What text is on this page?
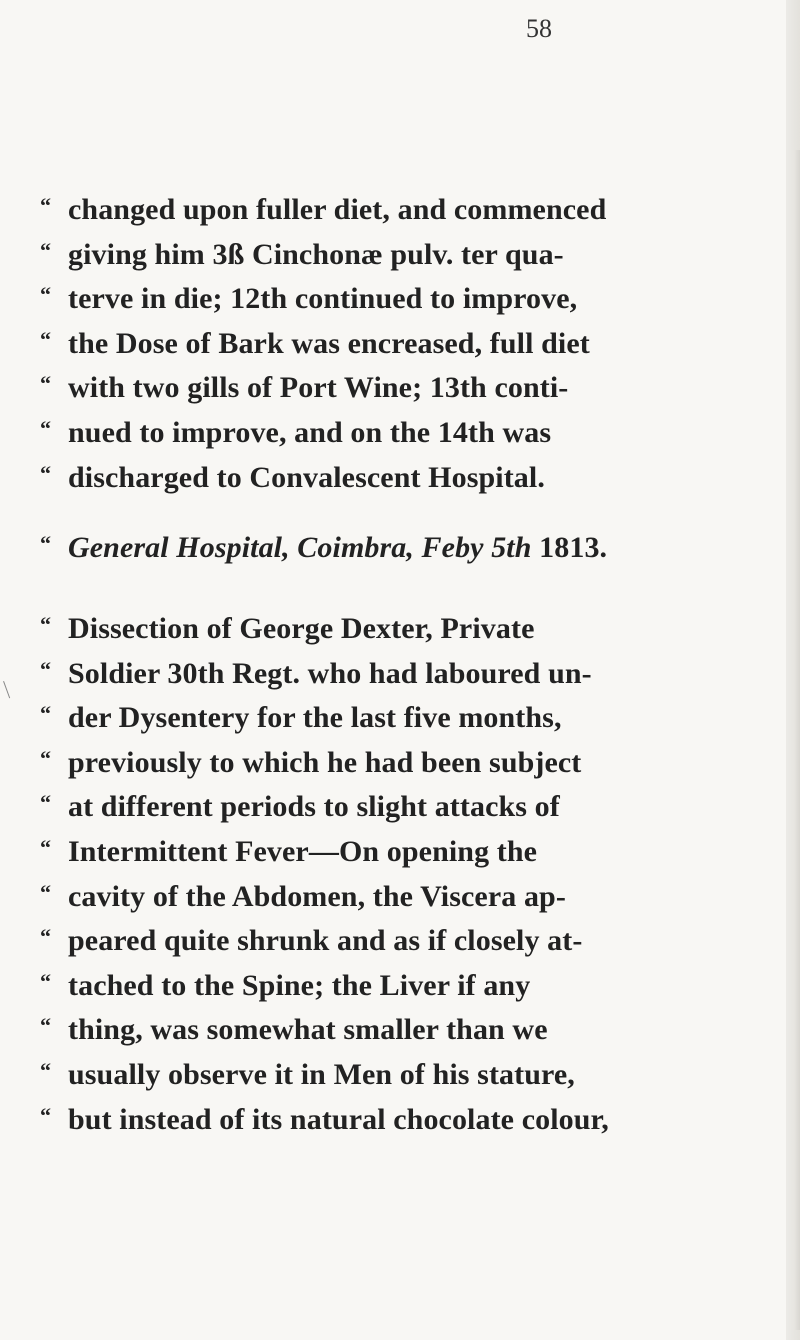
58
“ changed upon fuller diet, and commenced
“ giving him 3ß Cinchonæ pulv. ter qua-
“ terve in die; 12th continued to improve,
“ the Dose of Bark was encreased, full diet
“ with two gills of Port Wine; 13th conti-
“ nued to improve, and on the 14th was
“ discharged to Convalescent Hospital.
“ General Hospital, Coimbra, Feby 5th 1813.
“ Dissection of George Dexter, Private
“ Soldier 30th Regt. who had laboured un-
“ der Dysentery for the last five months,
“ previously to which he had been subject
“ at different periods to slight attacks of
“ Intermittent Fever—On opening the
“ cavity of the Abdomen, the Viscera ap-
“ peared quite shrunk and as if closely at-
“ tached to the Spine; the Liver if any
“ thing, was somewhat smaller than we
“ usually observe it in Men of his stature,
“ but instead of its natural chocolate colour,
